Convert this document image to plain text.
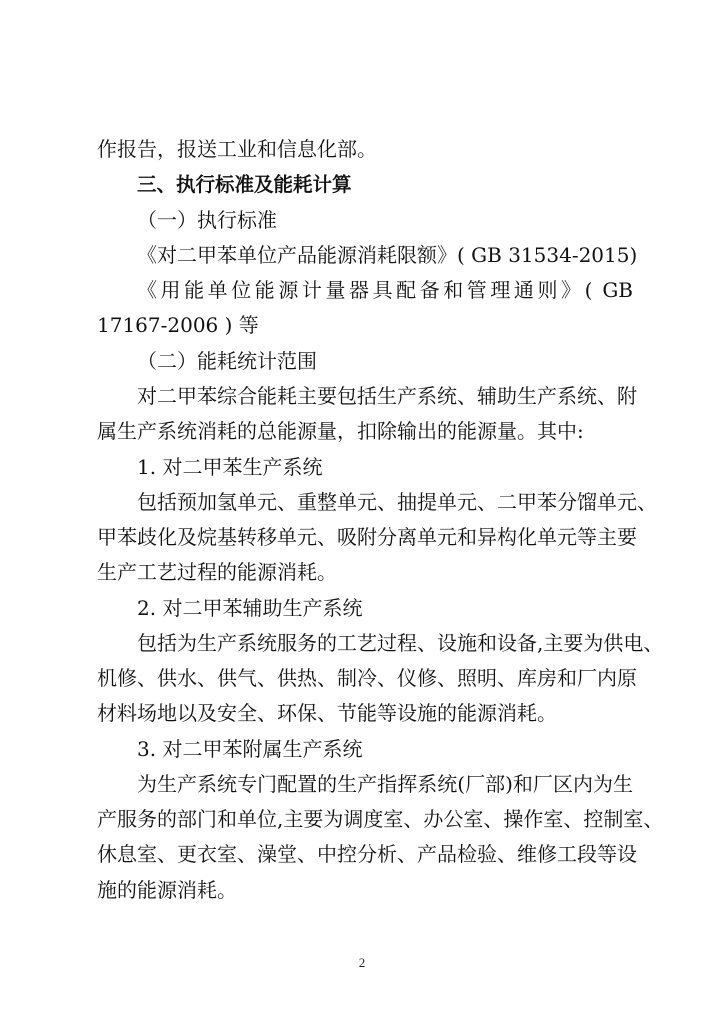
作报告，报送工业和信息化部。
三、执行标准及能耗计算
（一）执行标准
《对二甲苯单位产品能源消耗限额》( GB 31534-2015)
《用能单位能源计量器具配备和管理通则》( GB
17167-2006 ) 等
（二）能耗统计范围
对二甲苯综合能耗主要包括生产系统、辅助生产系统、附
属生产系统消耗的总能源量，扣除输出的能源量。其中:
1. 对二甲苯生产系统
包括预加氢单元、重整单元、抽提单元、二甲苯分馏单元、
甲苯歧化及烷基转移单元、吸附分离单元和异构化单元等主要
生产工艺过程的能源消耗。
2. 对二甲苯辅助生产系统
包括为生产系统服务的工艺过程、设施和设备,主要为供电、
机修、供水、供气、供热、制冷、仪修、照明、库房和厂内原
材料场地以及安全、环保、节能等设施的能源消耗。
3. 对二甲苯附属生产系统
为生产系统专门配置的生产指挥系统(厂部)和厂区内为生
产服务的部门和单位,主要为调度室、办公室、操作室、控制室、
休息室、更衣室、澡堂、中控分析、产品检验、维修工段等设
施的能源消耗。
2
